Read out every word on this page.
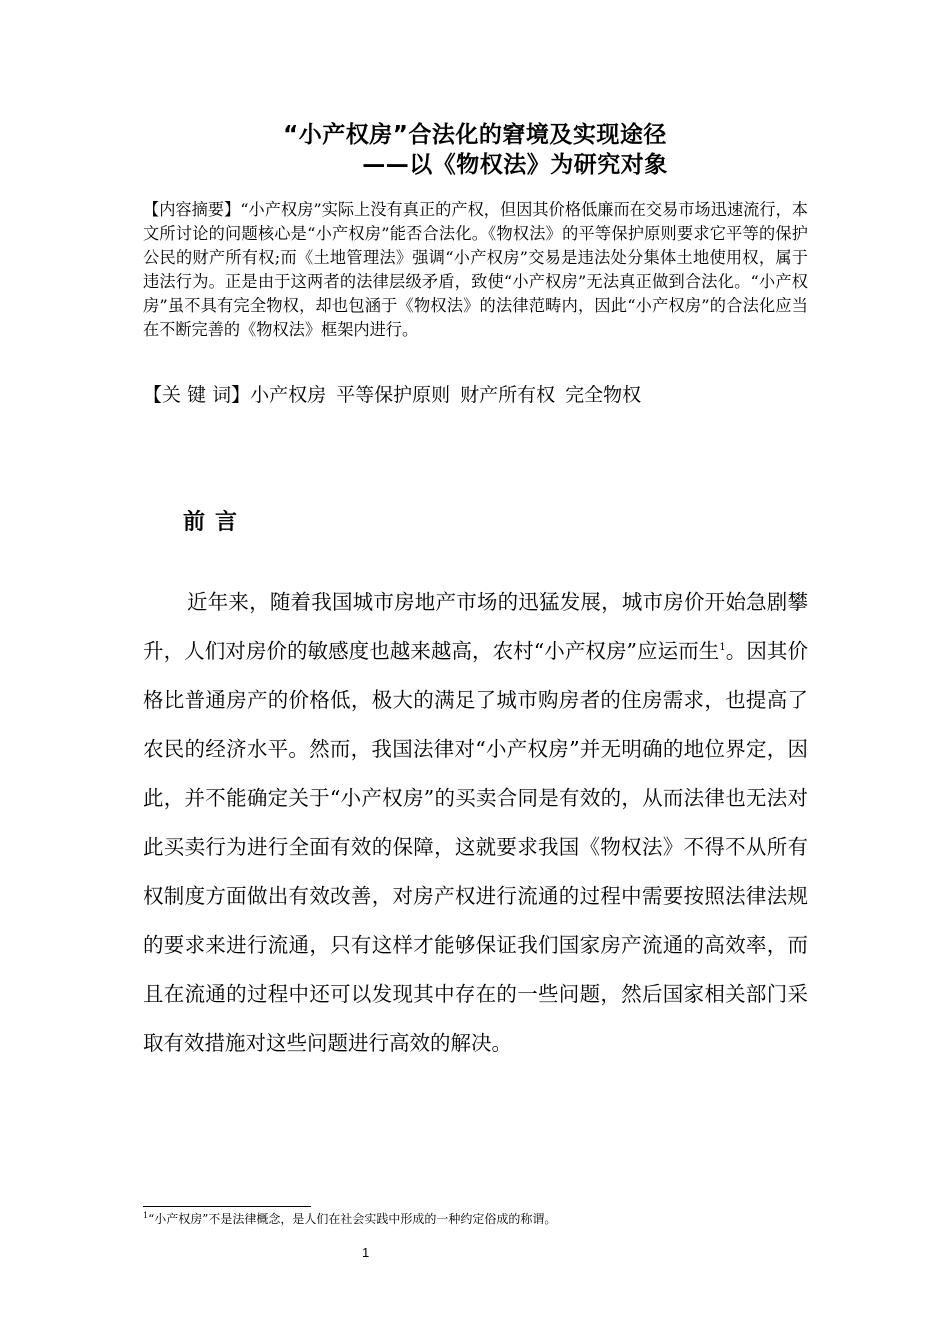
“小产权房”合法化的窘境及实现途径
——以《物权法》为研究对象

【内容摘要】“小产权房”实际上没有真正的产权，但因其价格低廉而在交易市场迅速流行，本文所讨论的问题核心是“小产权房”能否合法化。《物权法》的平等保护原则要求它平等的保护公民的财产所有权;而《土地管理法》强调“小产权房”交易是违法处分集体土地使用权，属于违法行为。正是由于这两者的法律层级矛盾，致使“小产权房”无法真正做到合法化。“小产权房”虽不具有完全物权，却也包涵于《物权法》的法律范畴内，因此“小产权房”的合法化应当在不断完善的《物权法》框架内进行。

【关 键 词】小产权房 平等保护原则 财产所有权 完全物权

前言

近年来，随着我国城市房地产市场的迅猛发展，城市房价开始急剧攀升，人们对房价的敏感度也越来越高，农村“小产权房”应运而生$^1$。因其价格比普通房产的价格低，极大的满足了城市购房者的住房需求，也提高了农民的经济水平。然而，我国法律对“小产权房”并无明确的地位界定，因此，并不能确定关于“小产权房”的买卖合同是有效的，从而法律也无法对此买卖行为进行全面有效的保障，这就要求我国《物权法》不得不从所有权制度方面做出有效改善，对房产权进行流通的过程中需要按照法律法规的要求来进行流通，只有这样才能够保证我们国家房产流通的高效率，而且在流通的过程中还可以发现其中存在的一些问题，然后国家相关部门采取有效措施对这些问题进行高效的解决。

$^1$“小产权房”不是法律概念，是人们在社会实践中形成的一种约定俗成的称谓。

1
